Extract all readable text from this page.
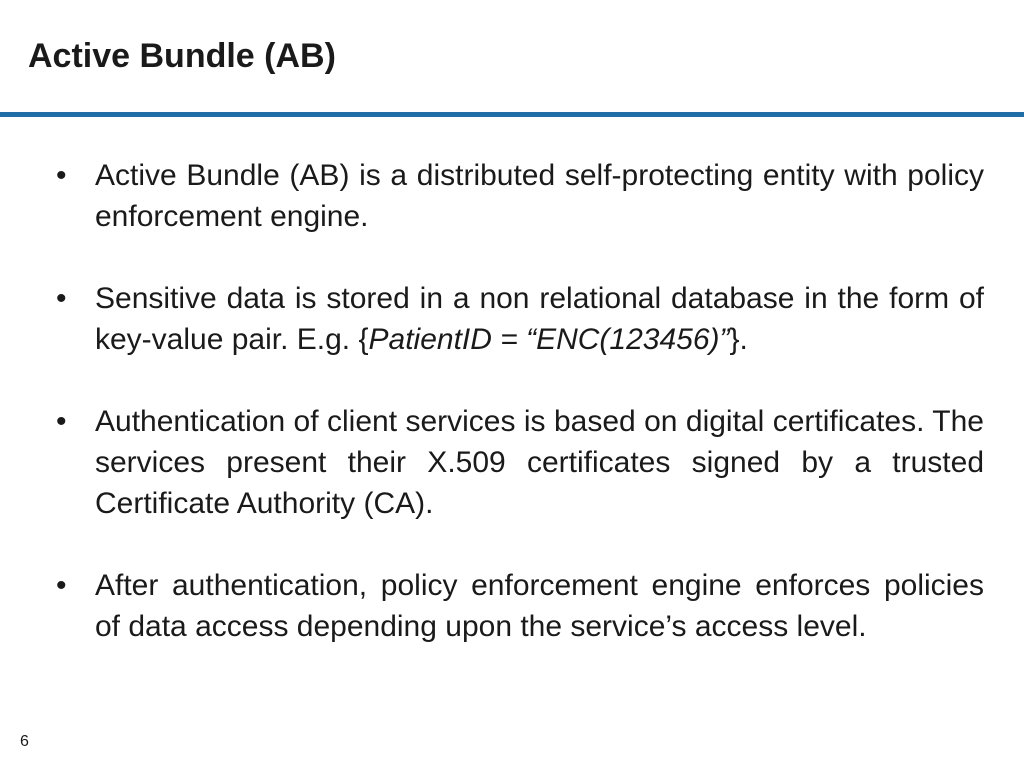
Active Bundle (AB)
• Active Bundle (AB) is a distributed self-protecting entity with policy enforcement engine.
• Sensitive data is stored in a non relational database in the form of key-value pair. E.g. {PatientID = “ENC(123456)”}.
• Authentication of client services is based on digital certificates. The services present their X.509 certificates signed by a trusted Certificate Authority (CA).
• After authentication, policy enforcement engine enforces policies of data access depending upon the service’s access level.
6
